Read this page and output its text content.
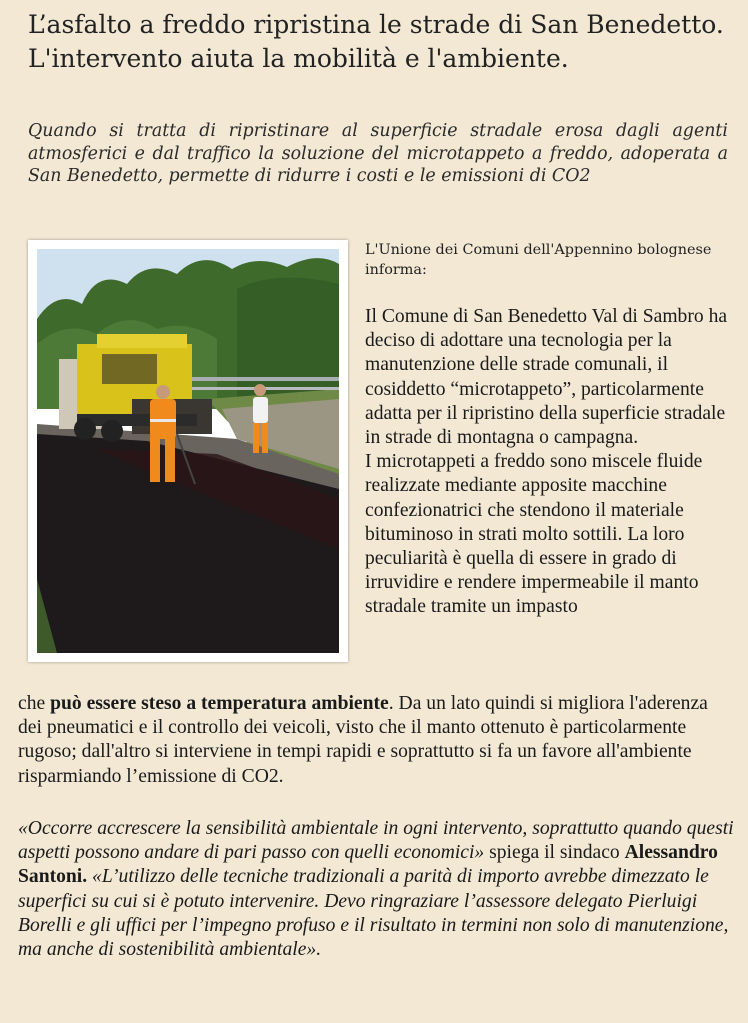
L’asfalto a freddo ripristina le strade di San Benedetto. L'intervento aiuta la mobilità e l'ambiente.

Quando si tratta di ripristinare al superficie stradale erosa dagli agenti atmosferici e dal traffico la soluzione del microtappeto a freddo, adoperata a San Benedetto, permette di ridurre i costi e le emissioni di CO2

L'Unione dei Comuni dell'Appennino bolognese informa:

Il Comune di San Benedetto Val di Sambro ha deciso di adottare una tecnologia per la manutenzione delle strade comunali, il cosiddetto “microtappeto”, particolarmente adatta per il ripristino della superficie stradale in strade di montagna o campagna.

I microtappeti a freddo sono miscele fluide realizzate mediante apposite macchine confezionatrici che stendono il materiale bituminoso in strati molto sottili. La loro peculiarità è quella di essere in grado di irruvidire e rendere impermeabile il manto stradale tramite un impasto

che può essere steso a temperatura ambiente. Da un lato quindi si migliora l'aderenza dei pneumatici e il controllo dei veicoli, visto che il manto ottenuto è particolarmente rugoso; dall'altro si interviene in tempi rapidi e soprattutto si fa un favore all'ambiente risparmiando l’emissione di CO2.

«Occorre accrescere la sensibilità ambientale in ogni intervento, soprattutto quando questi aspetti possono andare di pari passo con quelli economici» spiega il sindaco Alessandro Santoni. «L’utilizzo delle tecniche tradizionali a parità di importo avrebbe dimezzato le superfici su cui si è potuto intervenire. Devo ringraziare l’assessore delegato Pierluigi Borelli e gli uffici per l’impegno profuso e il risultato in termini non solo di manutenzione, ma anche di sostenibilità ambientale».
